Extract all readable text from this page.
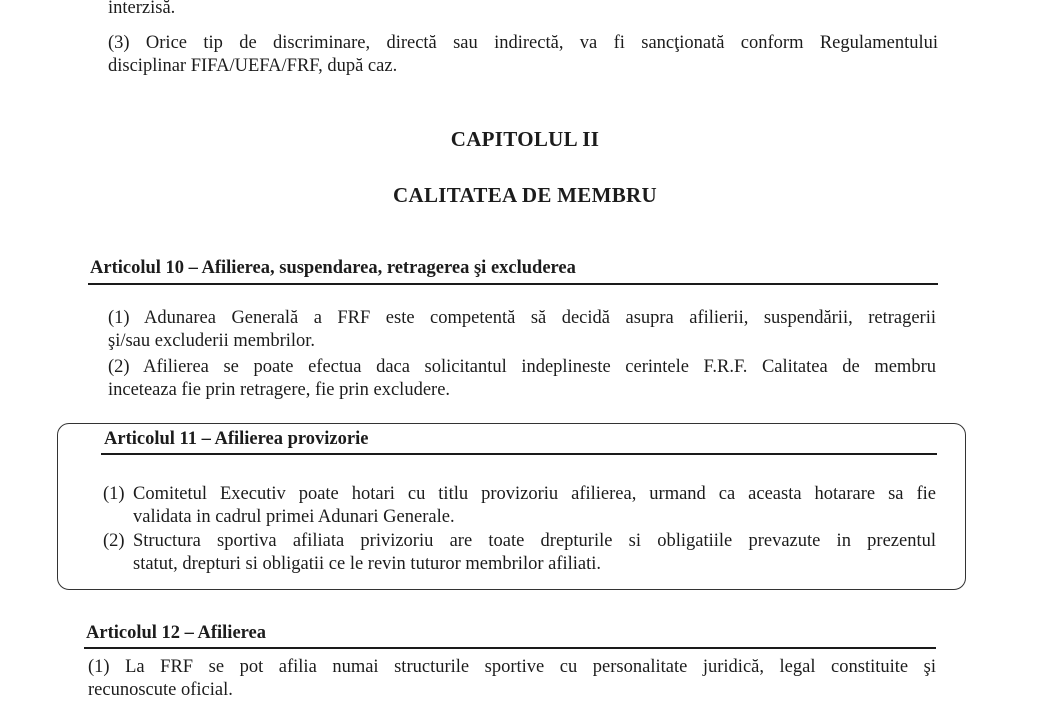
interzisă.
(3) Orice tip de discriminare, directă sau indirectă, va fi sancţionată conform Regulamentului
disciplinar FIFA/UEFA/FRF, după caz.
CAPITOLUL II
CALITATEA DE MEMBRU
Articolul 10 – Afilierea, suspendarea, retragerea şi excluderea
(1) Adunarea Generală a FRF este competentă să decidă asupra afilierii, suspendării, retragerii
şi/sau excluderii membrilor.
(2) Afilierea se poate efectua daca solicitantul indeplineste cerintele F.R.F. Calitatea de membru
inceteaza fie prin retragere, fie prin excludere.
Articolul 11 – Afilierea provizorie
(1) Comitetul Executiv poate hotari cu titlu provizoriu afilierea, urmand ca aceasta hotarare sa fie
validata in cadrul primei Adunari Generale.
(2) Structura sportiva afiliata privizoriu are toate drepturile si obligatiile prevazute in prezentul
statut, drepturi si obligatii ce le revin tuturor membrilor afiliati.
Articolul 12 – Afilierea
(1) La FRF se pot afilia numai structurile sportive cu personalitate juridică, legal constituite şi
recunoscute oficial.
